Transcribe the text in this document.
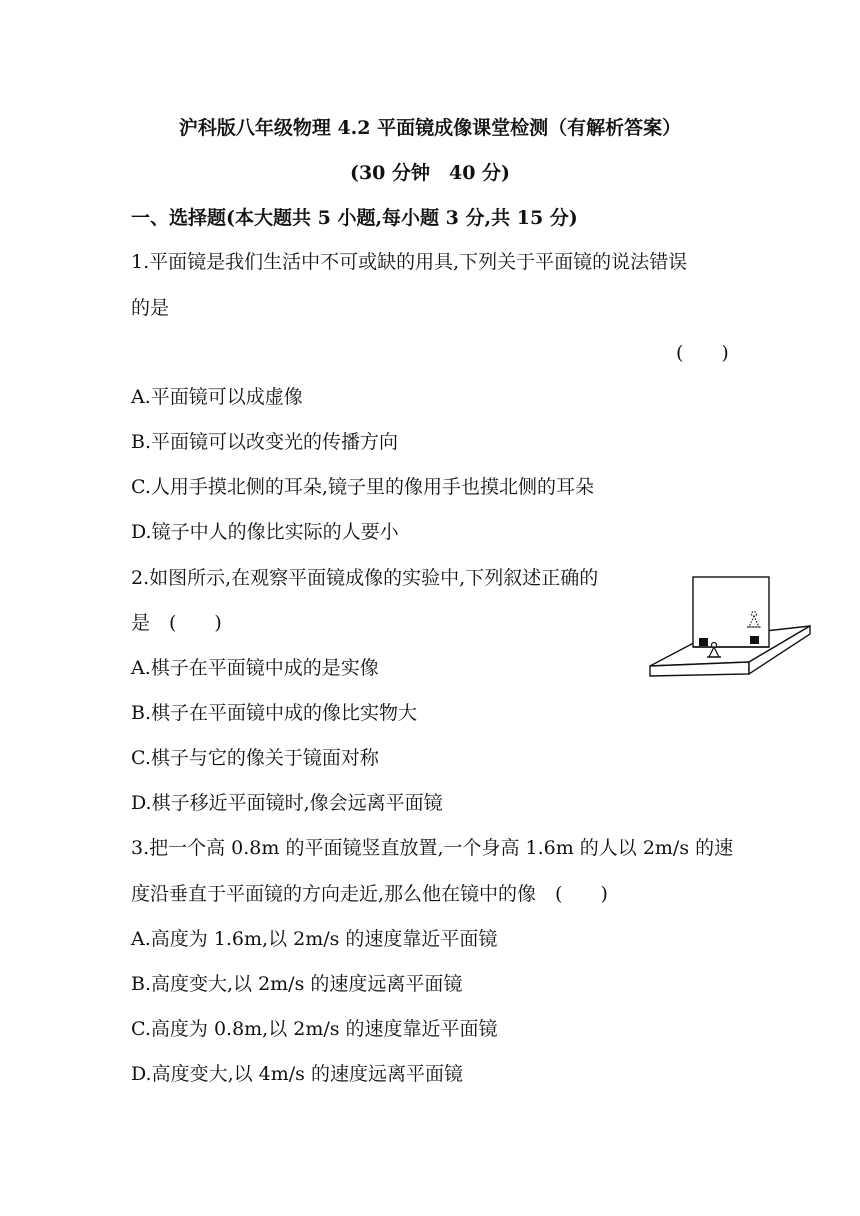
沪科版八年级物理 4.2 平面镜成像课堂检测（有解析答案）
(30 分钟　40 分)
一、选择题(本大题共 5 小题,每小题 3 分,共 15 分)
1.平面镜是我们生活中不可或缺的用具,下列关于平面镜的说法错误
的是
(　　)
A.平面镜可以成虚像
B.平面镜可以改变光的传播方向
C.人用手摸北侧的耳朵,镜子里的像用手也摸北侧的耳朵
D.镜子中人的像比实际的人要小
2.如图所示,在观察平面镜成像的实验中,下列叙述正确的
是　(　　)
A.棋子在平面镜中成的是实像
B.棋子在平面镜中成的像比实物大
C.棋子与它的像关于镜面对称
D.棋子移近平面镜时,像会远离平面镜
3.把一个高 0.8m 的平面镜竖直放置,一个身高 1.6m 的人以 2m/s 的速
度沿垂直于平面镜的方向走近,那么他在镜中的像　(　　)
A.高度为 1.6m,以 2m/s 的速度靠近平面镜
B.高度变大,以 2m/s 的速度远离平面镜
C.高度为 0.8m,以 2m/s 的速度靠近平面镜
D.高度变大,以 4m/s 的速度远离平面镜
